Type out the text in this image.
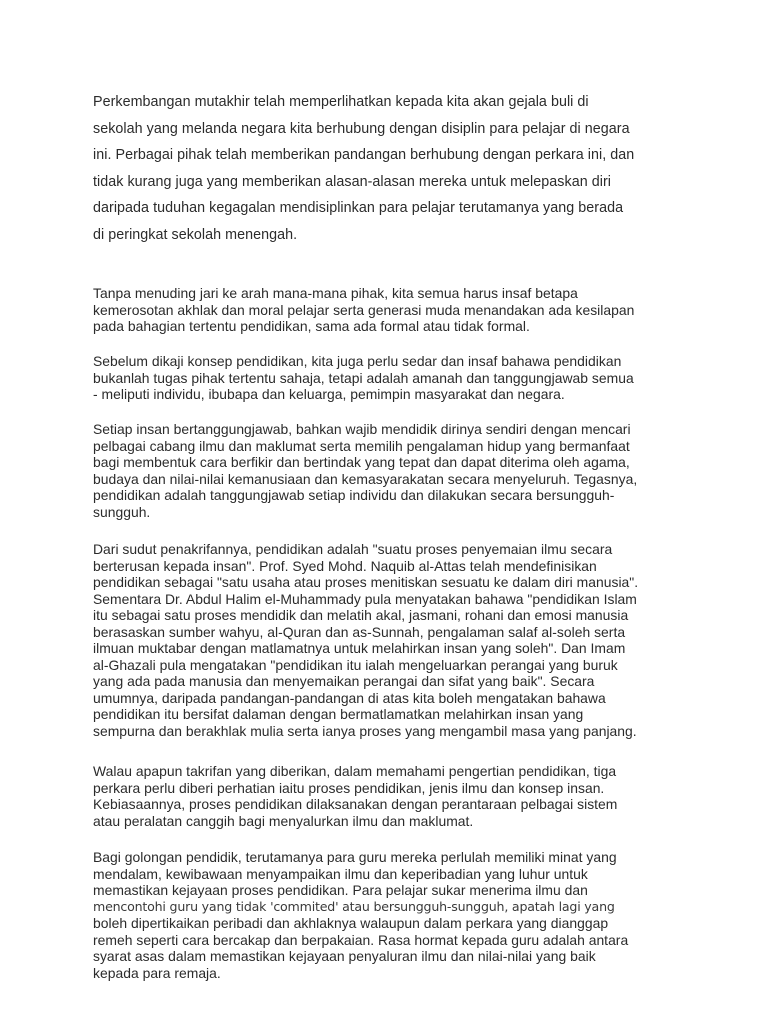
Perkembangan mutakhir telah memperlihatkan kepada kita akan gejala buli di
sekolah yang melanda negara kita berhubung dengan disiplin para pelajar di negara
ini. Perbagai pihak telah memberikan pandangan berhubung dengan perkara ini, dan
tidak kurang juga yang memberikan alasan-alasan mereka untuk melepaskan diri
daripada tuduhan kegagalan mendisiplinkan para pelajar terutamanya yang berada
di peringkat sekolah menengah.
Tanpa menuding jari ke arah mana-mana pihak, kita semua harus insaf betapa
kemerosotan akhlak dan moral pelajar serta generasi muda menandakan ada kesilapan
pada bahagian tertentu pendidikan, sama ada formal atau tidak formal.
Sebelum dikaji konsep pendidikan, kita juga perlu sedar dan insaf bahawa pendidikan
bukanlah tugas pihak tertentu sahaja, tetapi adalah amanah dan tanggungjawab semua
- meliputi individu, ibubapa dan keluarga, pemimpin masyarakat dan negara.
Setiap insan bertanggungjawab, bahkan wajib mendidik dirinya sendiri dengan mencari
pelbagai cabang ilmu dan maklumat serta memilih pengalaman hidup yang bermanfaat
bagi membentuk cara berfikir dan bertindak yang tepat dan dapat diterima oleh agama,
budaya dan nilai-nilai kemanusiaan dan kemasyarakatan secara menyeluruh. Tegasnya,
pendidikan adalah tanggungjawab setiap individu dan dilakukan secara bersungguh-
sungguh.
Dari sudut penakrifannya, pendidikan adalah "suatu proses penyemaian ilmu secara
berterusan kepada insan". Prof. Syed Mohd. Naquib al-Attas telah mendefinisikan
pendidikan sebagai "satu usaha atau proses menitiskan sesuatu ke dalam diri manusia".
Sementara Dr. Abdul Halim el-Muhammady pula menyatakan bahawa "pendidikan Islam
itu sebagai satu proses mendidik dan melatih akal, jasmani, rohani dan emosi manusia
berasaskan sumber wahyu, al-Quran dan as-Sunnah, pengalaman salaf al-soleh serta
ilmuan muktabar dengan matlamatnya untuk melahirkan insan yang soleh". Dan Imam
al-Ghazali pula mengatakan "pendidikan itu ialah mengeluarkan perangai yang buruk
yang ada pada manusia dan menyemaikan perangai dan sifat yang baik". Secara
umumnya, daripada pandangan-pandangan di atas kita boleh mengatakan bahawa
pendidikan itu bersifat dalaman dengan bermatlamatkan melahirkan insan yang
sempurna dan berakhlak mulia serta ianya proses yang mengambil masa yang panjang.
Walau apapun takrifan yang diberikan, dalam memahami pengertian pendidikan, tiga
perkara perlu diberi perhatian iaitu proses pendidikan, jenis ilmu dan konsep insan.
Kebiasaannya, proses pendidikan dilaksanakan dengan perantaraan pelbagai sistem
atau peralatan canggih bagi menyalurkan ilmu dan maklumat.
Bagi golongan pendidik, terutamanya para guru mereka perlulah memiliki minat yang
mendalam, kewibawaan menyampaikan ilmu dan keperibadian yang luhur untuk
memastikan kejayaan proses pendidikan. Para pelajar sukar menerima ilmu dan
mencontohi guru yang tidak 'commited' atau bersungguh-sungguh, apatah lagi yang
boleh dipertikaikan peribadi dan akhlaknya walaupun dalam perkara yang dianggap
remeh seperti cara bercakap dan berpakaian. Rasa hormat kepada guru adalah antara
syarat asas dalam memastikan kejayaan penyaluran ilmu dan nilai-nilai yang baik
kepada para remaja.
